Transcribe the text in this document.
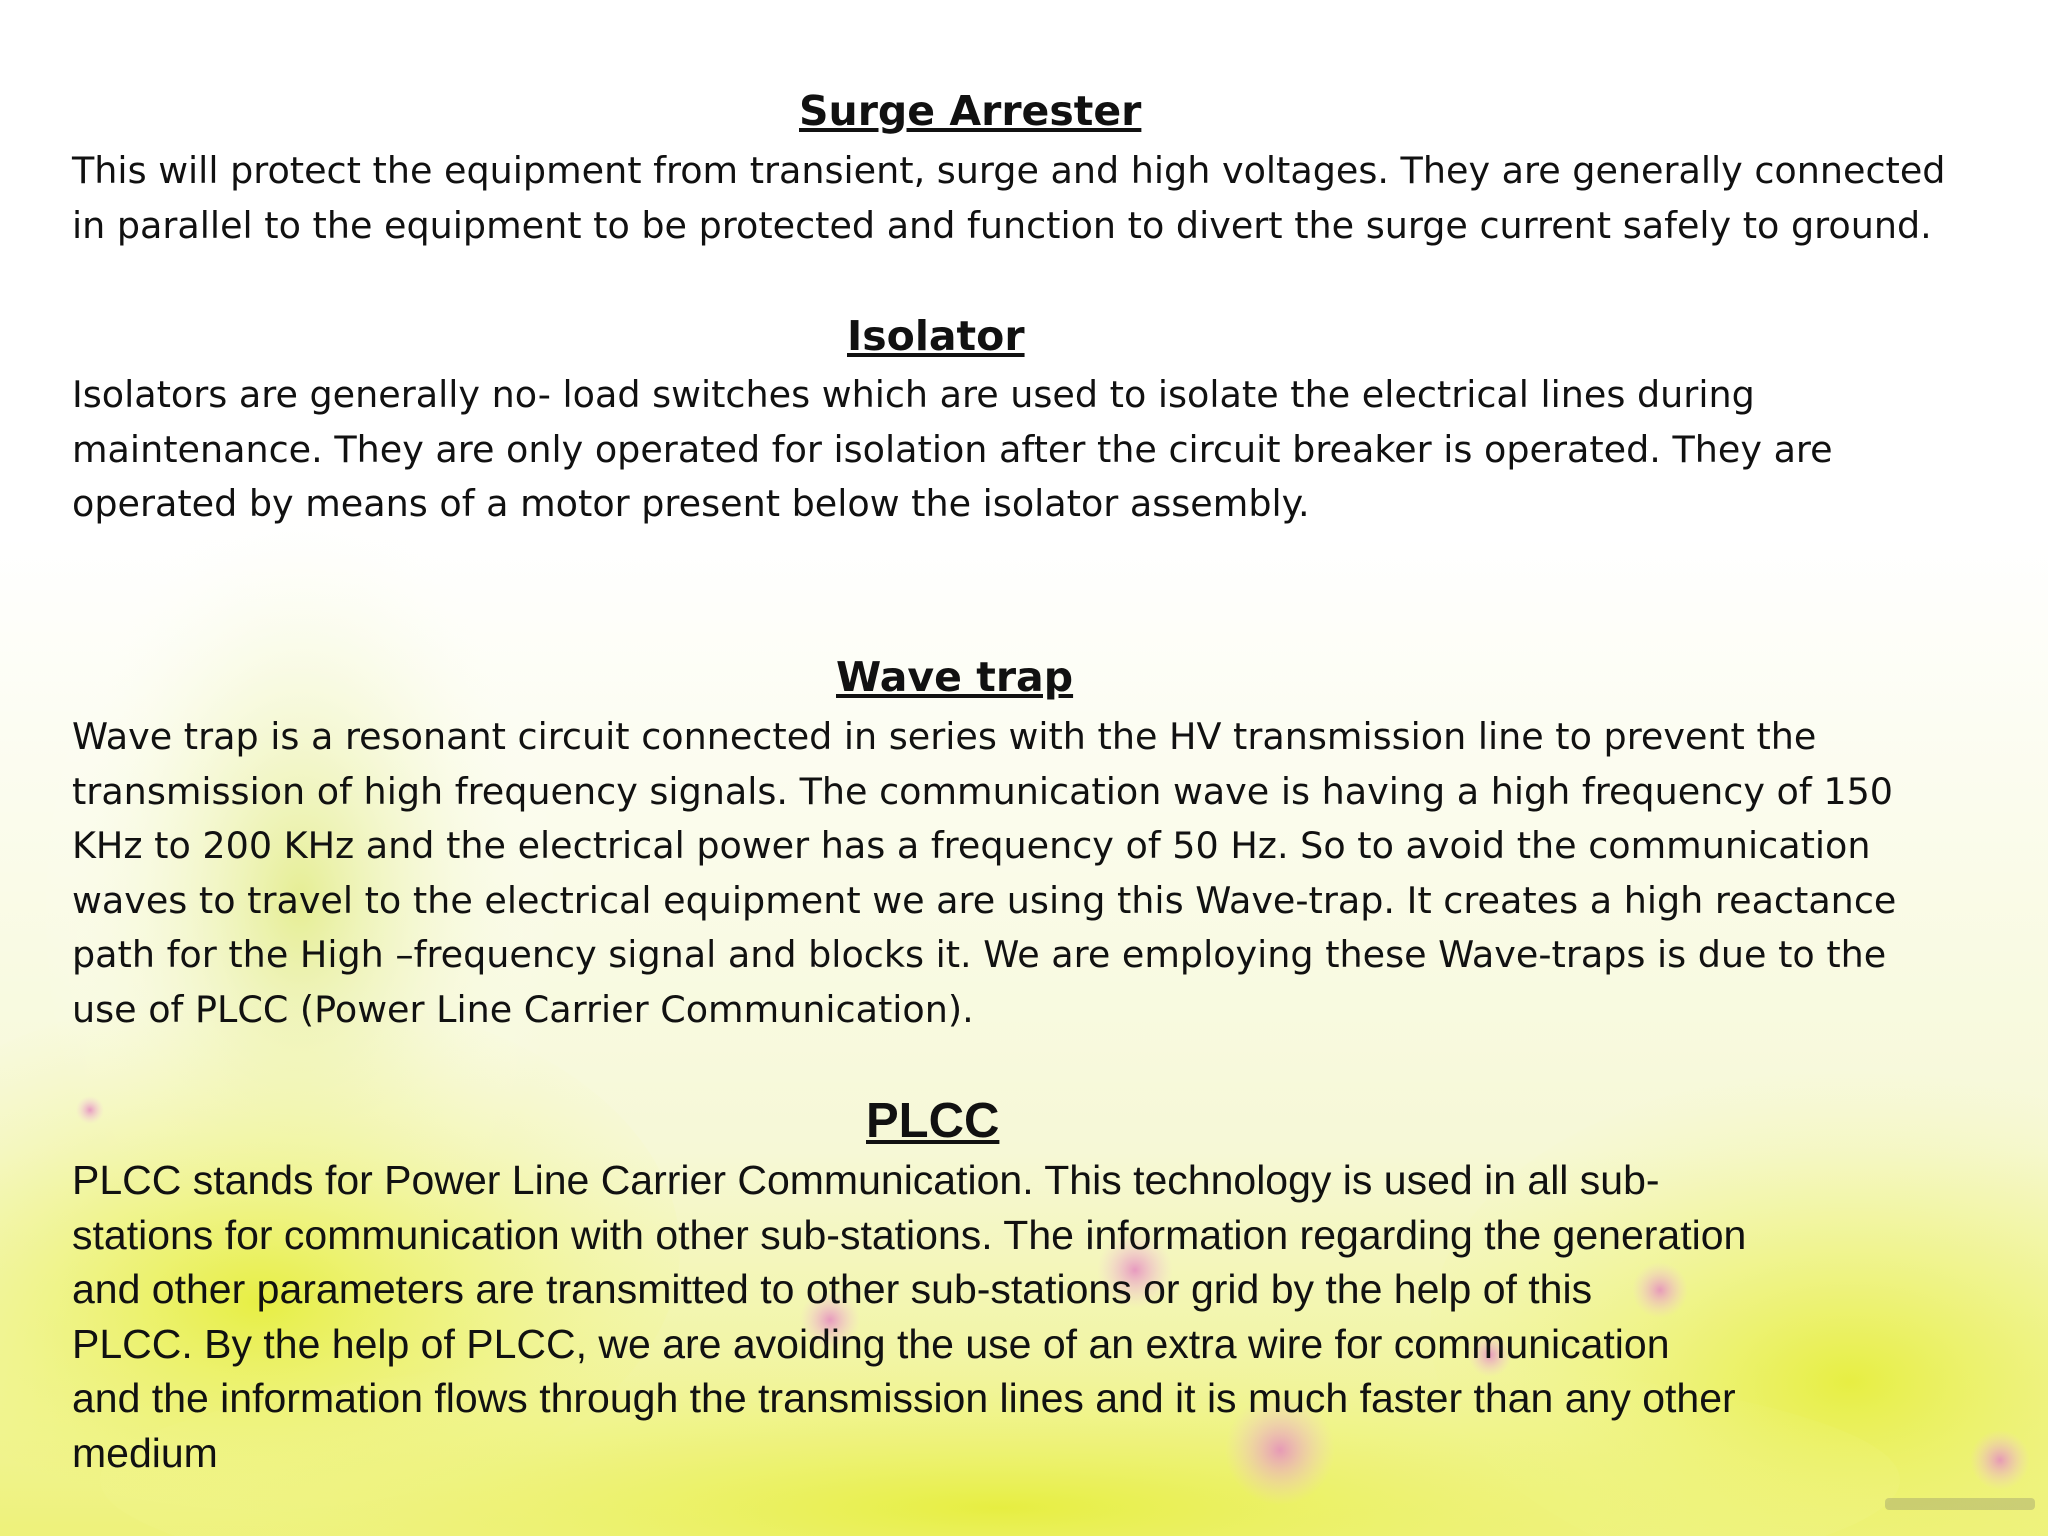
Surge Arrester
This will protect the equipment from transient, surge and high voltages. They are generally connected
in parallel to the equipment to be protected and function to divert the surge current safely to ground.
Isolator
Isolators are generally no- load switches which are used to isolate the electrical lines during
maintenance. They are only operated for isolation after the circuit breaker is operated. They are
operated by means of a motor present below the isolator assembly.
Wave trap
Wave trap is a resonant circuit connected in series with the HV transmission line to prevent the
transmission of high frequency signals. The communication wave is having a high frequency of 150
KHz to 200 KHz and the electrical power has a frequency of 50 Hz. So to avoid the communication
waves to travel to the electrical equipment we are using this Wave-trap. It creates a high reactance
path for the High –frequency signal and blocks it. We are employing these Wave-traps is due to the
use of PLCC (Power Line Carrier Communication).
PLCC
PLCC stands for Power Line Carrier Communication. This technology is used in all sub-
stations for communication with other sub-stations. The information regarding the generation
and other parameters are transmitted to other sub-stations or grid by the help of this
PLCC. By the help of PLCC, we are avoiding the use of an extra wire for communication
and the information flows through the transmission lines and it is much faster than any other
medium
